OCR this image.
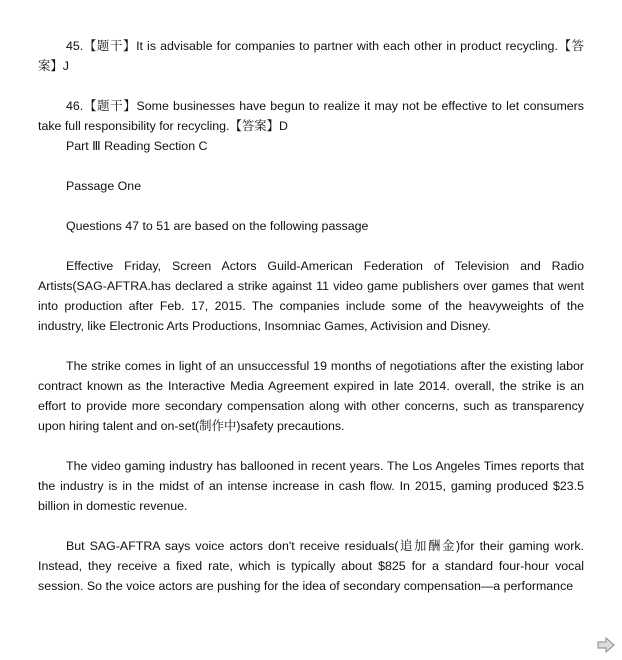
45.【题干】It is advisable for companies to partner with each other in product recycling.【答案】J

46.【题干】Some businesses have begun to realize it may not be effective to let consumers take full responsibility for recycling.【答案】D

Part Ⅲ Reading Section C

Passage One

Questions 47 to 51 are based on the following passage

Effective Friday, Screen Actors Guild-American Federation of Television and Radio Artists(SAG-AFTRA.has declared a strike against 11 video game publishers over games that went into production after Feb. 17, 2015. The companies include some of the heavyweights of the industry, like Electronic Arts Productions, Insomniac Games, Activision and Disney.

The strike comes in light of an unsuccessful 19 months of negotiations after the existing labor contract known as the Interactive Media Agreement expired in late 2014. overall, the strike is an effort to provide more secondary compensation along with other concerns, such as transparency upon hiring talent and on-set(制作中)safety precautions.

The video gaming industry has ballooned in recent years. The Los Angeles Times reports that the industry is in the midst of an intense increase in cash flow. In 2015, gaming produced $23.5 billion in domestic revenue.

But SAG-AFTRA says voice actors don't receive residuals(追加酬金)for their gaming work. Instead, they receive a fixed rate, which is typically about $825 for a standard four-hour vocal session. So the voice actors are pushing for the idea of secondary compensation—a performance
